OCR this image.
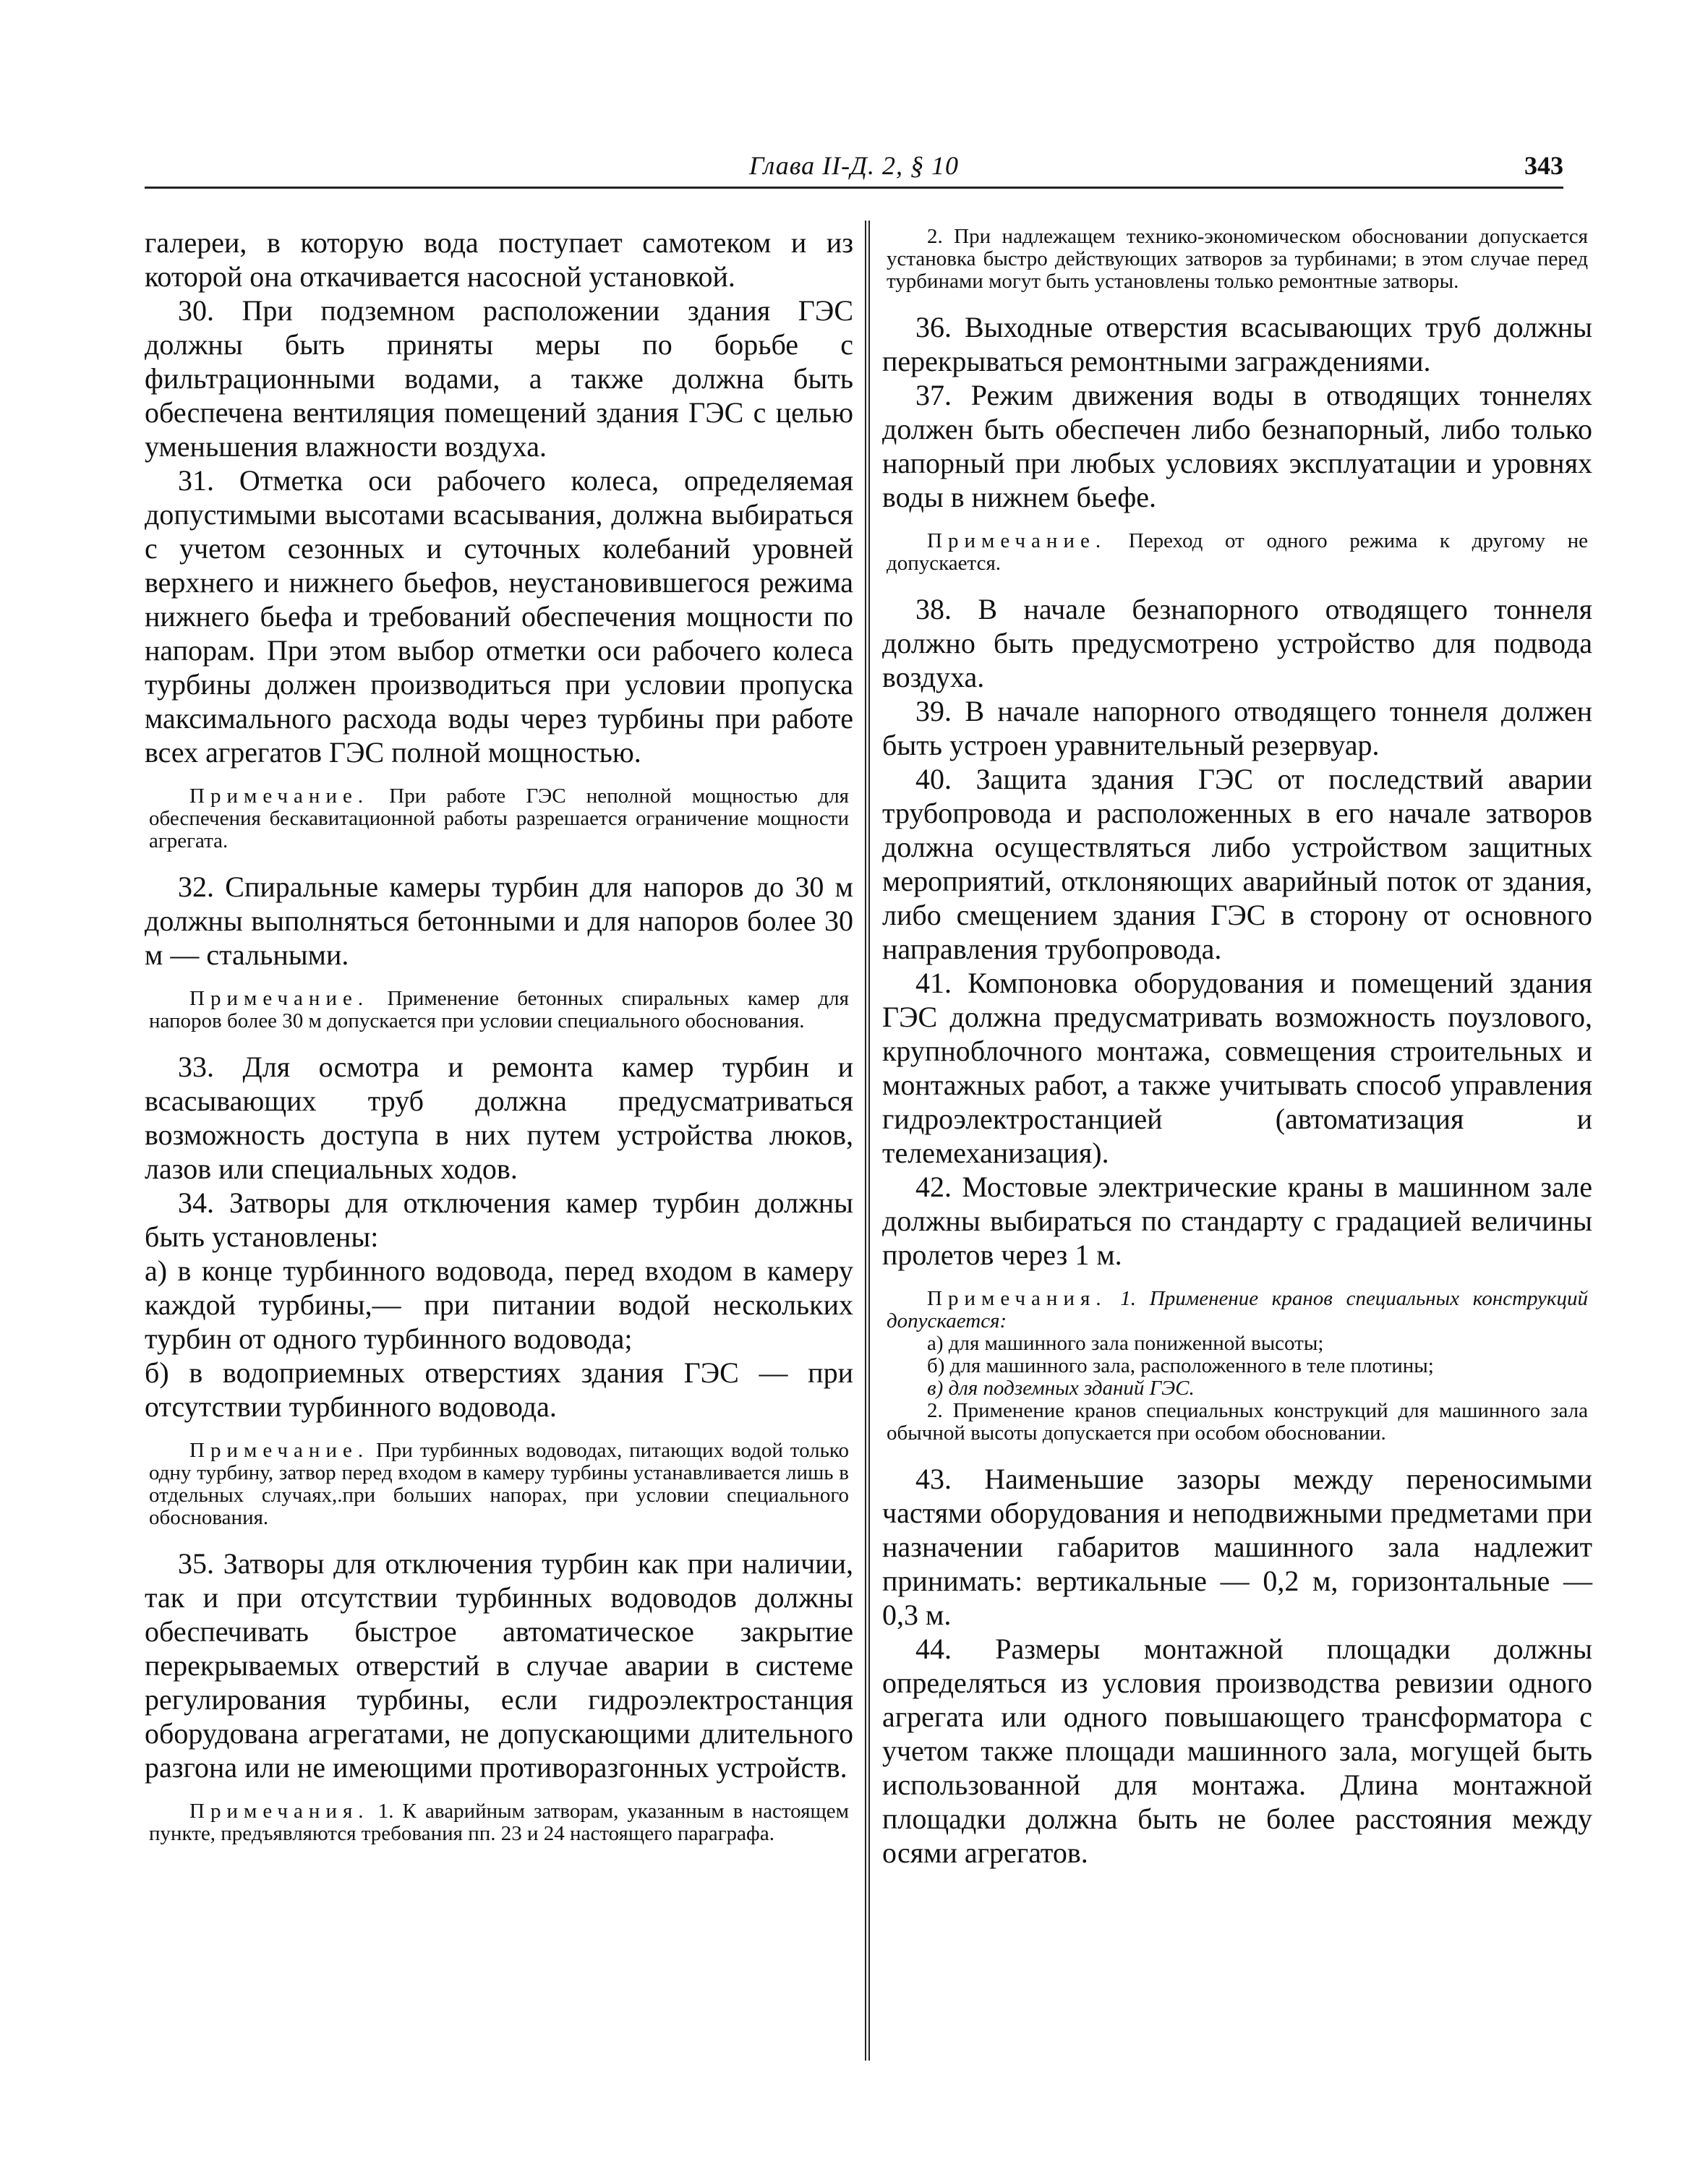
Глава II-Д. 2, § 10	343

галереи, в которую вода поступает самотеком и из которой она откачивается насосной установкой.

30. При подземном расположении здания ГЭС должны быть приняты меры по борьбе с фильтрационными водами, а также должна быть обеспечена вентиляция помещений здания ГЭС с целью уменьшения влажности воздуха.

31. Отметка оси рабочего колеса, определяемая допустимыми высотами всасывания, должна выбираться с учетом сезонных и суточных колебаний уровней верхнего и нижнего бьефов, неустановившегося режима нижнего бьефа и требований обеспечения мощности по напорам. При этом выбор отметки оси рабочего колеса турбины должен производиться при условии пропуска максимального расхода воды через турбины при работе всех агрегатов ГЭС полной мощностью.

Примечание. При работе ГЭС неполной мощностью для обеспечения бескавитационной работы разрешается ограничение мощности агрегата.

32. Спиральные камеры турбин для напоров до 30 м должны выполняться бетонными и для напоров более 30 м — стальными.

Примечание. Применение бетонных спиральных камер для напоров более 30 м допускается при условии специального обоснования.

33. Для осмотра и ремонта камер турбин и всасывающих труб должна предусматриваться возможность доступа в них путем устройства люков, лазов или специальных ходов.

34. Затворы для отключения камер турбин должны быть установлены:

а) в конце турбинного водовода, перед входом в камеру каждой турбины,— при питании водой нескольких турбин от одного турбинного водовода;

б) в водоприемных отверстиях здания ГЭС — при отсутствии турбинного водовода.

Примечание. При турбинных водоводах, питающих водой только одну турбину, затвор перед входом в камеру турбины устанавливается лишь в отдельных случаях,.при больших напорах, при условии специального обоснования.

35. Затворы для отключения турбин как при наличии, так и при отсутствии турбинных водоводов должны обеспечивать быстрое автоматическое закрытие перекрываемых отверстий в случае аварии в системе регулирования турбины, если гидроэлектростанция оборудована агрегатами, не допускающими длительного разгона или не имеющими противоразгонных устройств.

Примечания. 1. К аварийным затворам, указанным в настоящем пункте, предъявляются требования пп. 23 и 24 настоящего параграфа.

2. При надлежащем технико-экономическом обосновании допускается установка быстро действующих затворов за турбинами; в этом случае перед турбинами могут быть установлены только ремонтные затворы.

36. Выходные отверстия всасывающих труб должны перекрываться ремонтными заграждениями.

37. Режим движения воды в отводящих тоннелях должен быть обеспечен либо безнапорный, либо только напорный при любых условиях эксплуатации и уровнях воды в нижнем бьефе.

Примечание. Переход от одного режима к другому не допускается.

38. В начале безнапорного отводящего тоннеля должно быть предусмотрено устройство для подвода воздуха.

39. В начале напорного отводящего тоннеля должен быть устроен уравнительный резервуар.

40. Защита здания ГЭС от последствий аварии трубопровода и расположенных в его начале затворов должна осуществляться либо устройством защитных мероприятий, отклоняющих аварийный поток от здания, либо смещением здания ГЭС в сторону от основного направления трубопровода.

41. Компоновка оборудования и помещений здания ГЭС должна предусматривать возможность поузлового, крупноблочного монтажа, совмещения строительных и монтажных работ, а также учитывать способ управления гидроэлектростанцией (автоматизация и телемеханизация).

42. Мостовые электрические краны в машинном зале должны выбираться по стандарту с градацией величины пролетов через 1 м.

Примечания. 1. Применение кранов специальных конструкций допускается:

а) для машинного зала пониженной высоты;

б) для машинного зала, расположенного в теле плотины;

в) для подземных зданий ГЭС.

2. Применение кранов специальных конструкций для машинного зала обычной высоты допускается при особом обосновании.

43. Наименьшие зазоры между переносимыми частями оборудования и неподвижными предметами при назначении габаритов машинного зала надлежит принимать: вертикальные — 0,2 м, горизонтальные — 0,3 м.

44. Размеры монтажной площадки должны определяться из условия производства ревизии одного агрегата или одного повышающего трансформатора с учетом также площади машинного зала, могущей быть использованной для монтажа. Длина монтажной площадки должна быть не более расстояния между осями агрегатов.
